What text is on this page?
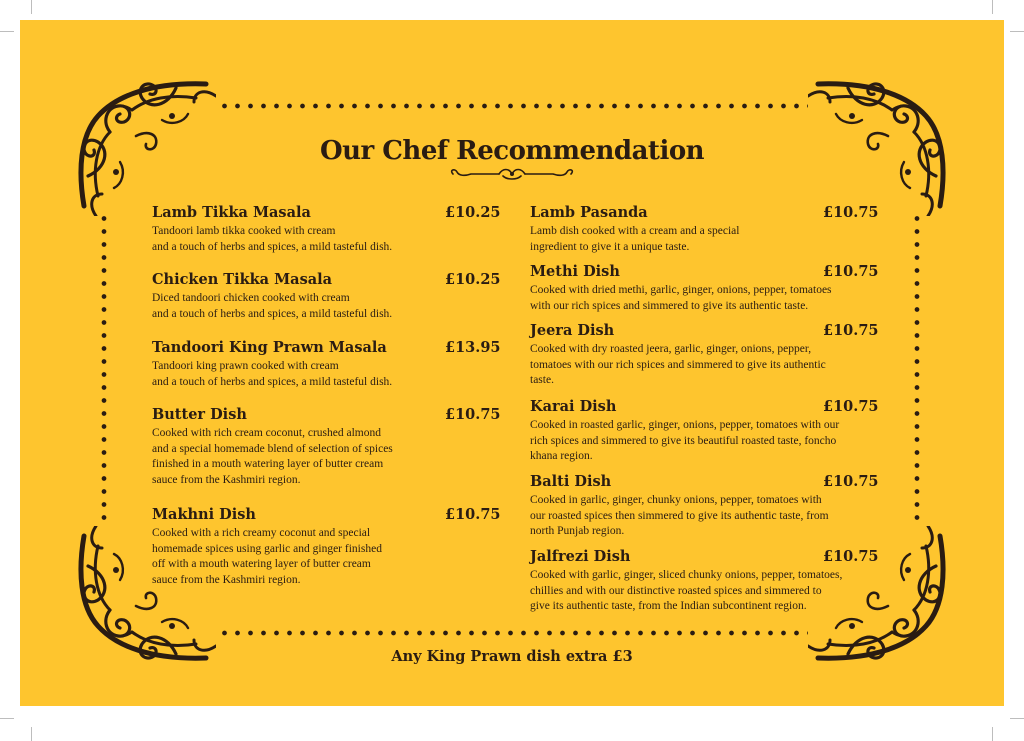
Our Chef Recommendation
Lamb Tikka Masala	£10.25
Tandoori lamb tikka cooked with cream
and a touch of herbs and spices, a mild tasteful dish.
Chicken Tikka Masala	£10.25
Diced tandoori chicken cooked with cream
and a touch of herbs and spices, a mild tasteful dish.
Tandoori King Prawn Masala	£13.95
Tandoori king prawn cooked with cream
and a touch of herbs and spices, a mild tasteful dish.
Butter Dish	£10.75
Cooked with rich cream coconut, crushed almond
and a special homemade blend of selection of spices
finished in a mouth watering layer of butter cream
sauce from the Kashmiri region.
Makhni Dish	£10.75
Cooked with a rich creamy coconut and special
homemade spices using garlic and ginger finished
off with a mouth watering layer of butter cream
sauce from the Kashmiri region.
Lamb Pasanda	£10.75
Lamb dish cooked with a cream and a special
ingredient to give it a unique taste.
Methi Dish	£10.75
Cooked with dried methi, garlic, ginger, onions, pepper, tomatoes
with our rich spices and simmered to give its authentic taste.
Jeera Dish	£10.75
Cooked with dry roasted jeera, garlic, ginger, onions, pepper,
tomatoes with our rich spices and simmered to give its authentic
taste.
Karai Dish	£10.75
Cooked in roasted garlic, ginger, onions, pepper, tomatoes with our
rich spices and simmered to give its beautiful roasted taste, foncho
khana region.
Balti Dish	£10.75
Cooked in garlic, ginger, chunky onions, pepper, tomatoes with
our roasted spices then simmered to give its authentic taste, from
north Punjab region.
Jalfrezi Dish	£10.75
Cooked with garlic, ginger, sliced chunky onions, pepper, tomatoes,
chillies and with our distinctive roasted spices and simmered to
give its authentic taste, from the Indian subcontinent region.
Any King Prawn dish extra £3
